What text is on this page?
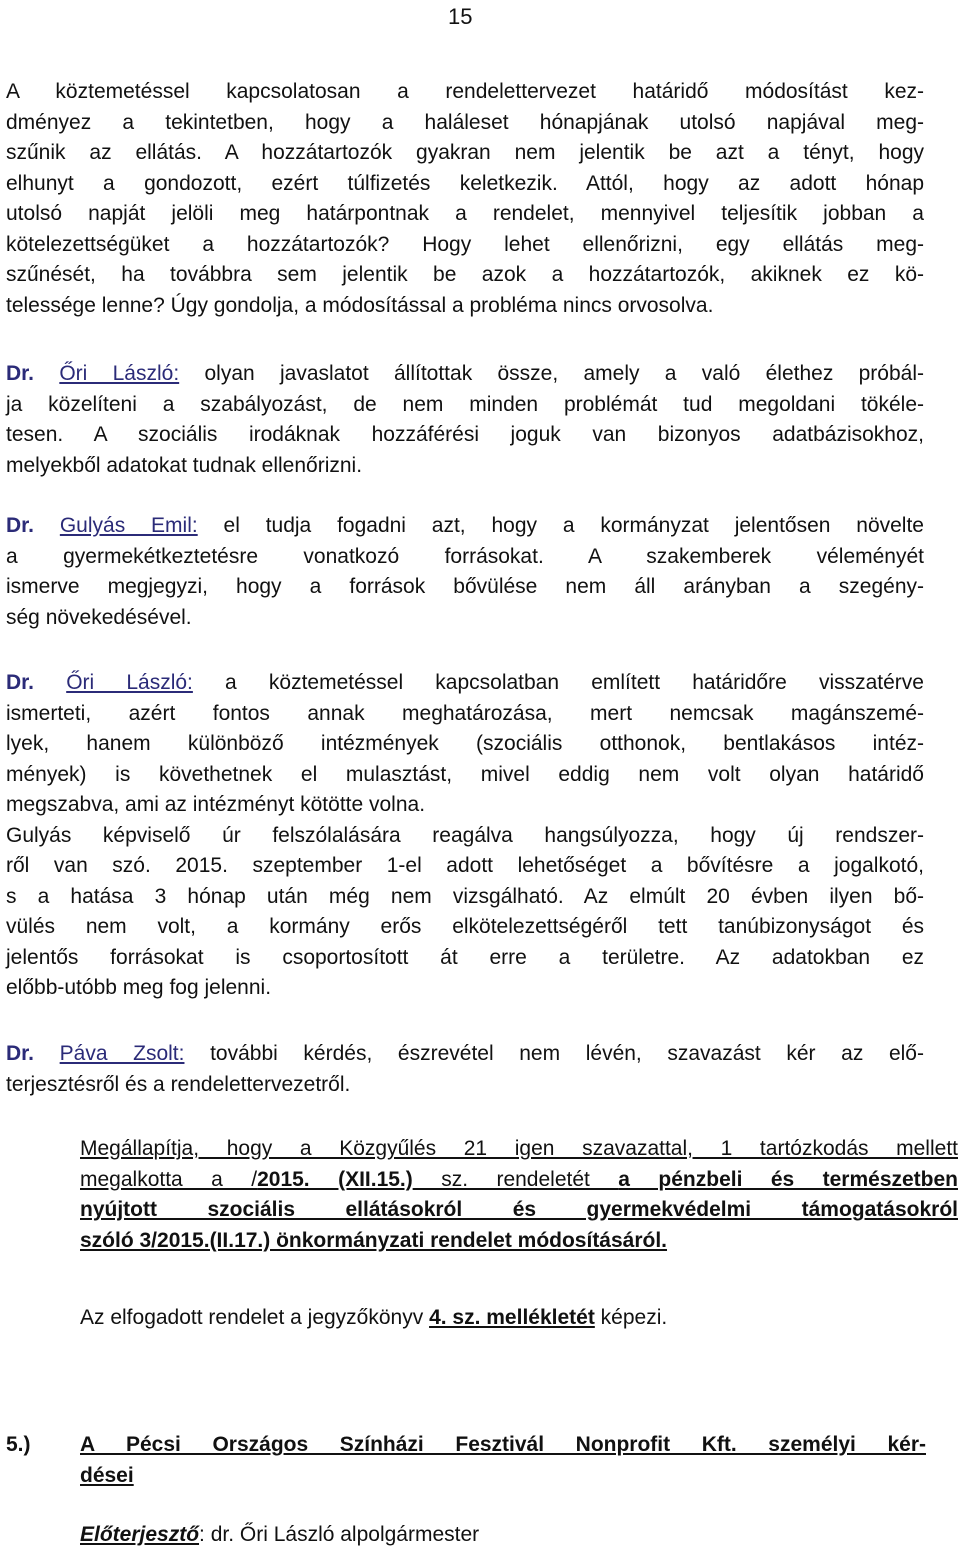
15
A köztemetéssel kapcsolatosan a rendelettervezet határidő módosítást kez-
dményez a tekintetben, hogy a haláleset hónapjának utolsó napjával meg-
szűnik az ellátás. A hozzátartozók gyakran nem jelentik be azt a tényt, hogy
elhunyt a gondozott, ezért túlfizetés keletkezik. Attól, hogy az adott hónap
utolsó napját jelöli meg határpontnak a rendelet, mennyivel teljesítik jobban a
kötelezettségüket a hozzátartozók? Hogy lehet ellenőrizni, egy ellátás meg-
szűnését, ha továbbra sem jelentik be azok a hozzátartozók, akiknek ez kö-
telessége lenne? Úgy gondolja, a módosítással a probléma nincs orvosolva.
Dr. Őri László: olyan javaslatot állítottak össze, amely a való élethez próbál-
ja közelíteni a szabályozást, de nem minden problémát tud megoldani tökéle-
tesen. A szociális irodáknak hozzáférési joguk van bizonyos adatbázisokhoz,
melyekből adatokat tudnak ellenőrizni.
Dr. Gulyás Emil: el tudja fogadni azt, hogy a kormányzat jelentősen növelte
a gyermekétkeztetésre vonatkozó forrásokat. A szakemberek véleményét
ismerve megjegyzi, hogy a források bővülése nem áll arányban a szegény-
ség növekedésével.
Dr. Őri László: a köztemetéssel kapcsolatban említett határidőre visszatérve
ismerteti, azért fontos annak meghatározása, mert nemcsak magánszemé-
lyek, hanem különböző intézmények (szociális otthonok, bentlakásos intéz-
mények) is követhetnek el mulasztást, mivel eddig nem volt olyan határidő
megszabva, ami az intézményt kötötte volna.
Gulyás képviselő úr felszólalására reagálva hangsúlyozza, hogy új rendszer-
ről van szó. 2015. szeptember 1-el adott lehetőséget a bővítésre a jogalkotó,
s a hatása 3 hónap után még nem vizsgálható. Az elmúlt 20 évben ilyen bő-
vülés nem volt, a kormány erős elkötelezettségéről tett tanúbizonyságot és
jelentős forrásokat is csoportosított át erre a területre. Az adatokban ez
előbb-utóbb meg fog jelenni.
Dr. Páva Zsolt: további kérdés, észrevétel nem lévén, szavazást kér az elő-
terjesztésről és a rendelettervezetről.
Megállapítja, hogy a Közgyűlés 21 igen szavazattal, 1 tartózkodás mellett
megalkotta a /2015. (XII.15.) sz. rendeletét a pénzbeli és természetben
nyújtott szociális ellátásokról és gyermekvédelmi támogatásokról
szóló 3/2015.(II.17.) önkormányzati rendelet módosításáról.
Az elfogadott rendelet a jegyzőkönyv 4. sz. mellékletét képezi.
5.) A Pécsi Országos Színházi Fesztivál Nonprofit Kft. személyi kér-
dései
Előterjesztő: dr. Őri László alpolgármester
